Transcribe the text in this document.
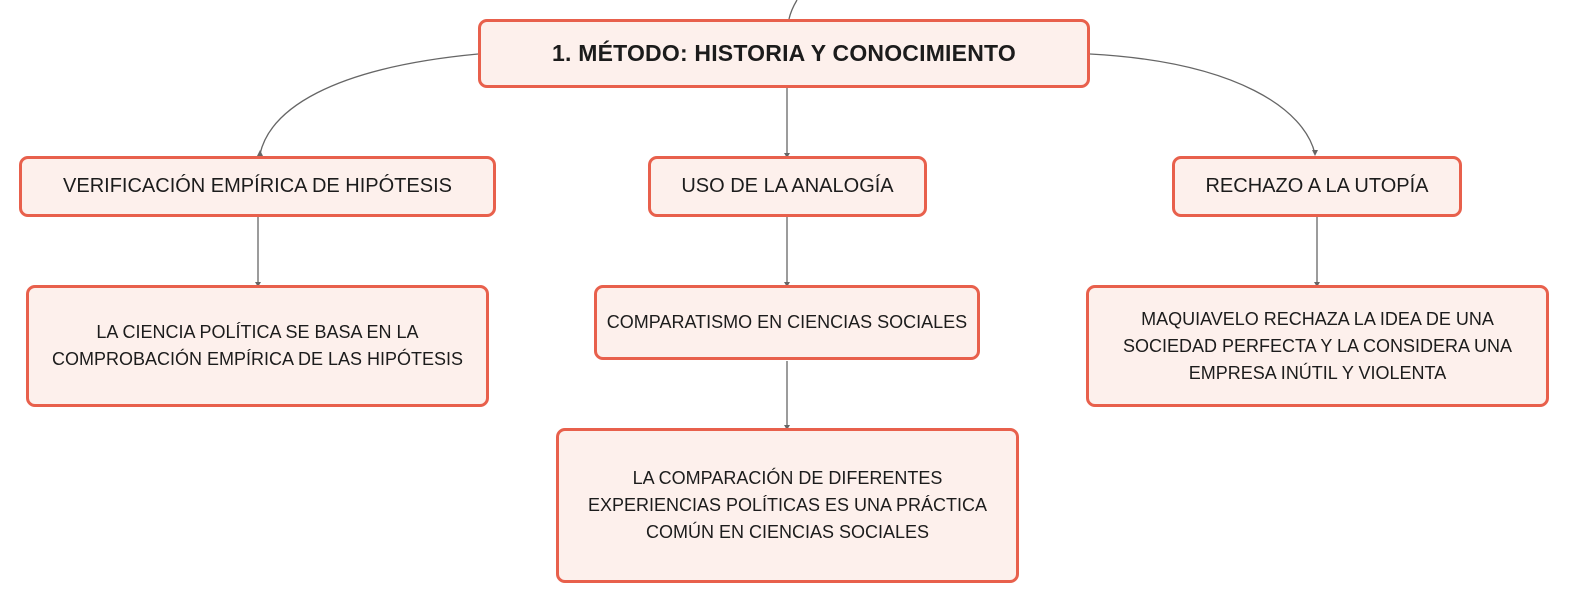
1. MÉTODO: HISTORIA Y CONOCIMIENTO
VERIFICACIÓN EMPÍRICA DE HIPÓTESIS	USO DE LA ANALOGÍA	RECHAZO A LA UTOPÍA
LA CIENCIA POLÍTICA SE BASA EN LA
COMPROBACIÓN EMPÍRICA DE LAS HIPÓTESIS
COMPARATISMO EN CIENCIAS SOCIALES
LA COMPARACIÓN DE DIFERENTES
EXPERIENCIAS POLÍTICAS ES UNA PRÁCTICA
COMÚN EN CIENCIAS SOCIALES
MAQUIAVELO RECHAZA LA IDEA DE UNA
SOCIEDAD PERFECTA Y LA CONSIDERA UNA
EMPRESA INÚTIL Y VIOLENTA
